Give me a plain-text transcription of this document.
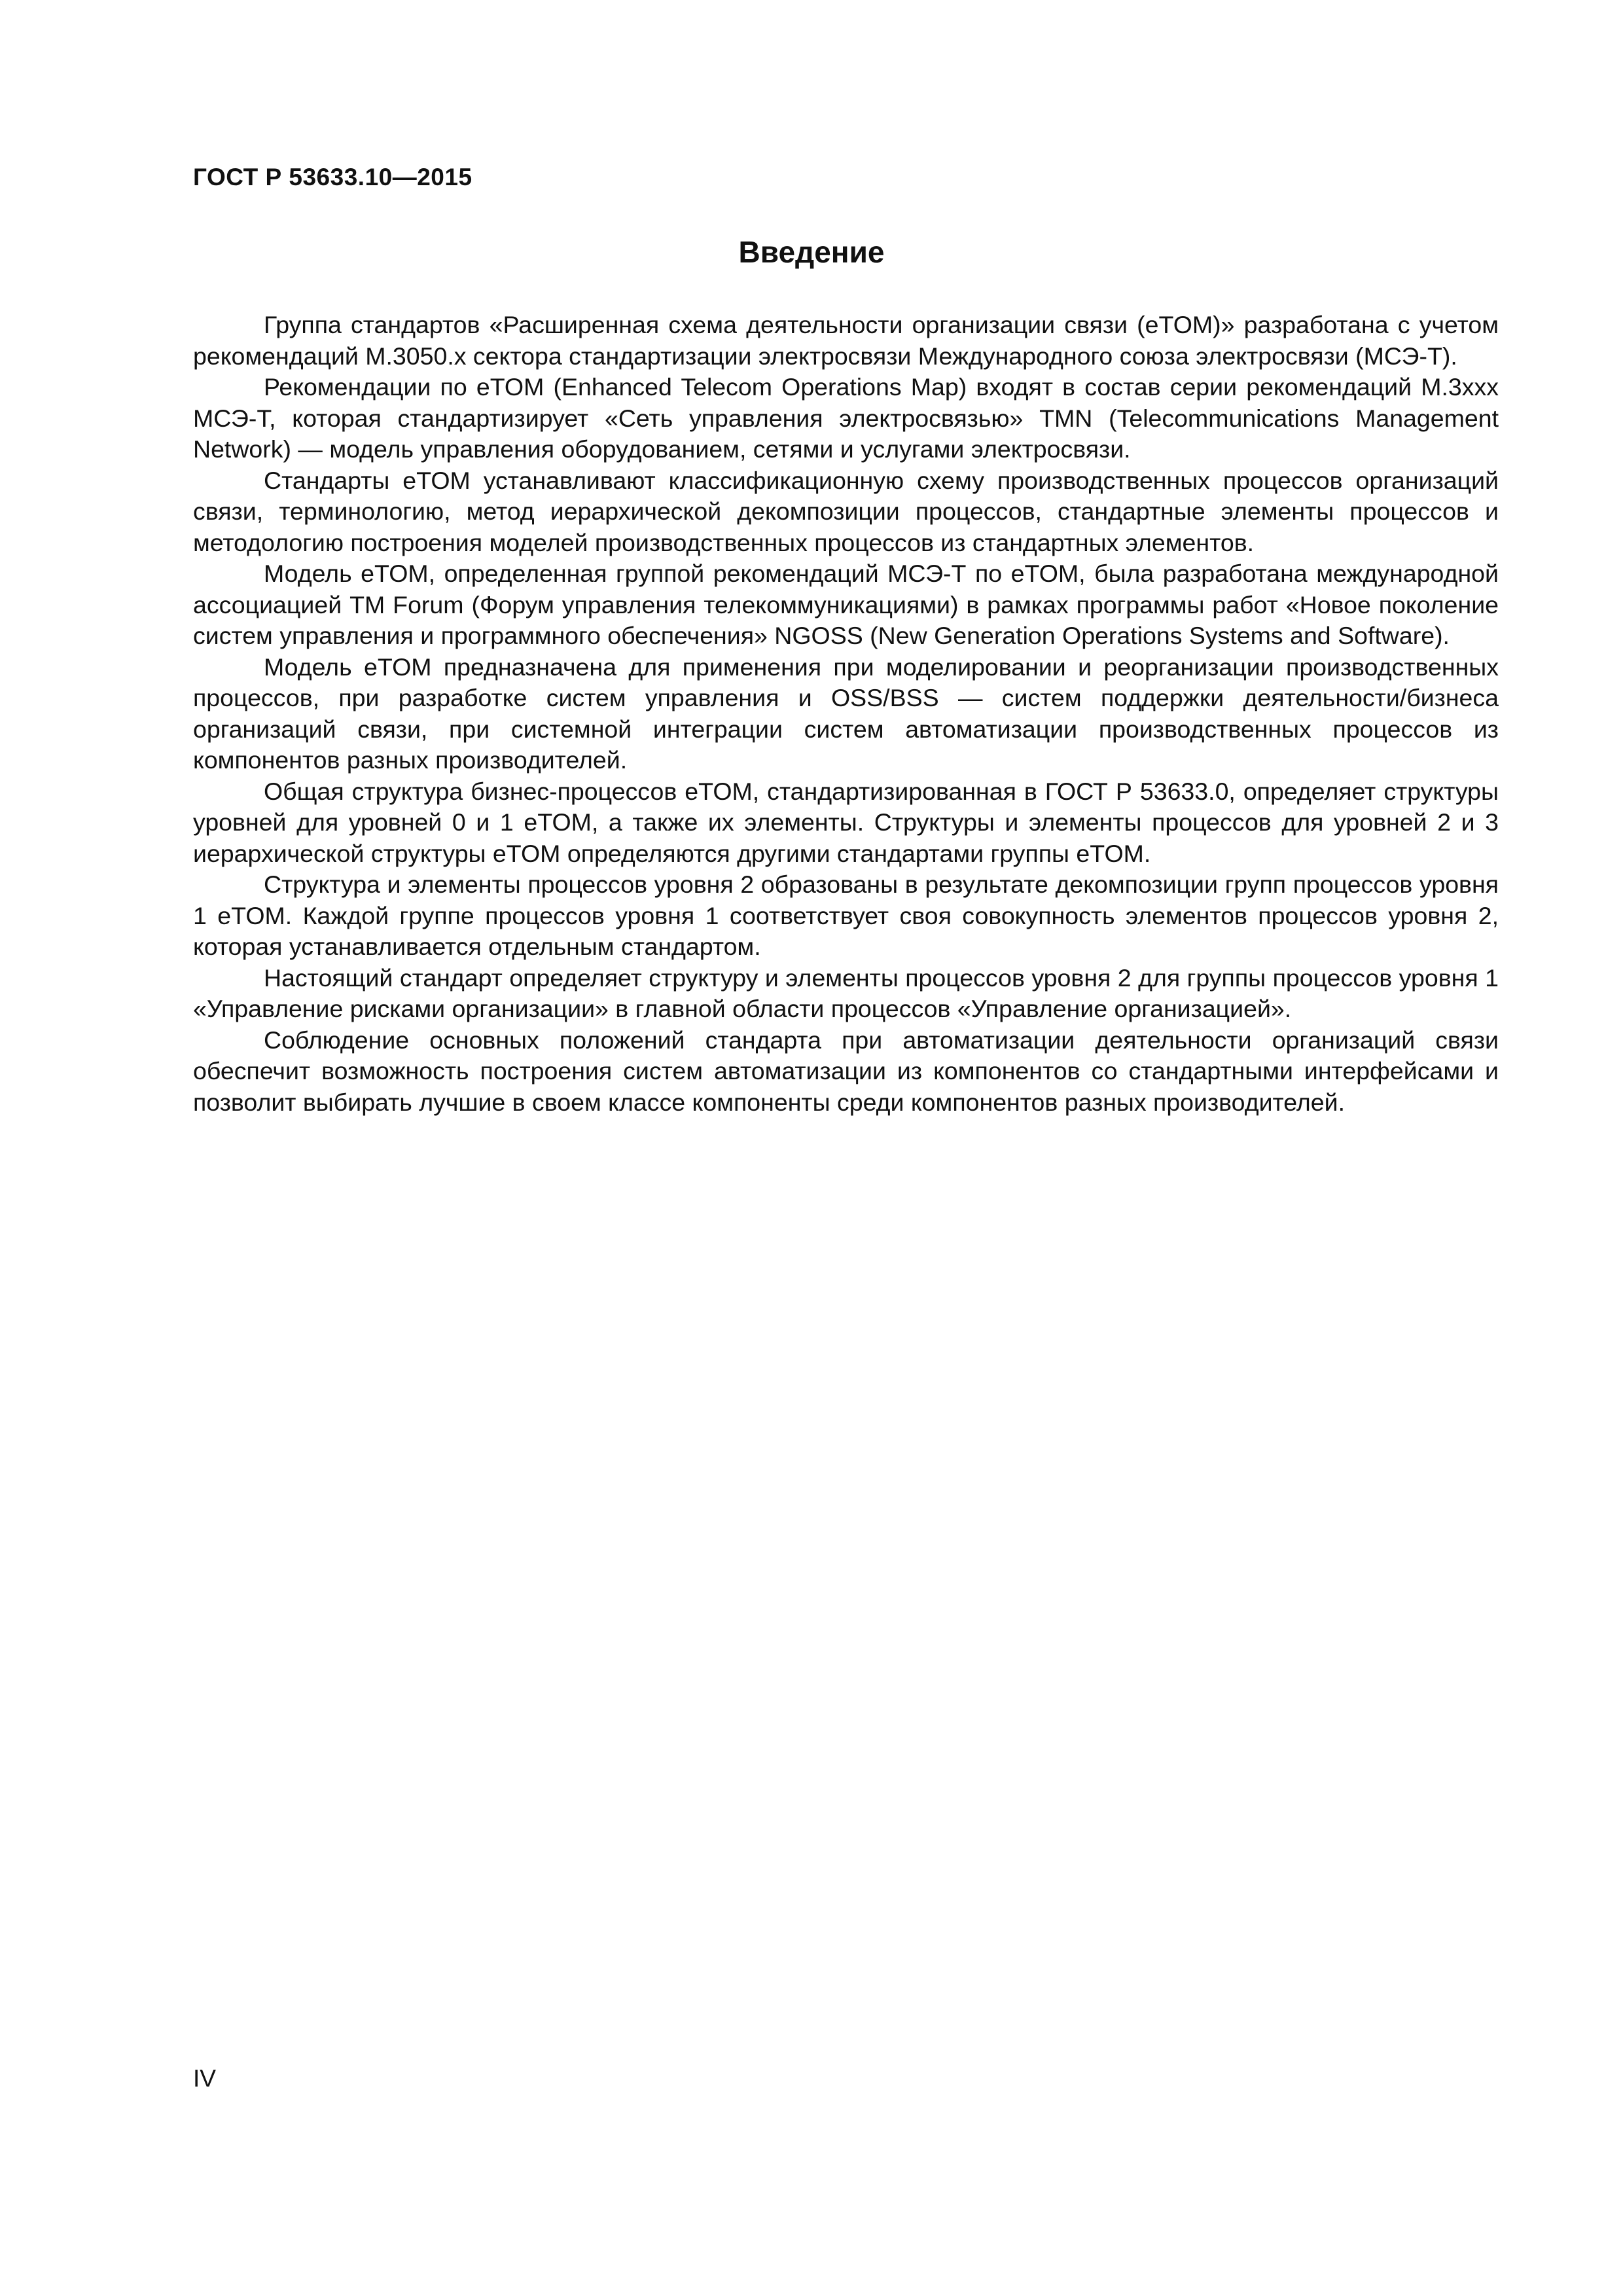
ГОСТ Р 53633.10—2015
Введение

Группа стандартов «Расширенная схема деятельности организации связи (eTOM)» разработана с учетом рекомендаций M.3050.x сектора стандартизации электросвязи Международного союза электросвязи (МСЭ-Т).

Рекомендации по eTOM (Enhanced Telecom Operations Map) входят в состав серии рекомендаций M.3xxx МСЭ-Т, которая стандартизирует «Сеть управления электросвязью» TMN (Telecommunications Management Network) — модель управления оборудованием, сетями и услугами электросвязи.

Стандарты eTOM устанавливают классификационную схему производственных процессов организаций связи, терминологию, метод иерархической декомпозиции процессов, стандартные элементы процессов и методологию построения моделей производственных процессов из стандартных элементов.

Модель eTOM, определенная группой рекомендаций МСЭ-Т по eTOM, была разработана международной ассоциацией TM Forum (Форум управления телекоммуникациями) в рамках программы работ «Новое поколение систем управления и программного обеспечения» NGOSS (New Generation Operations Systems and Software).

Модель eTOM предназначена для применения при моделировании и реорганизации производственных процессов, при разработке систем управления и OSS/BSS — систем поддержки деятельности/бизнеса организаций связи, при системной интеграции систем автоматизации производственных процессов из компонентов разных производителей.

Общая структура бизнес-процессов eTOM, стандартизированная в ГОСТ Р 53633.0, определяет структуры уровней для уровней 0 и 1 eTOM, а также их элементы. Структуры и элементы процессов для уровней 2 и 3 иерархической структуры eTOM определяются другими стандартами группы eTOM.

Структура и элементы процессов уровня 2 образованы в результате декомпозиции групп процессов уровня 1 eTOM. Каждой группе процессов уровня 1 соответствует своя совокупность элементов процессов уровня 2, которая устанавливается отдельным стандартом.

Настоящий стандарт определяет структуру и элементы процессов уровня 2 для группы процессов уровня 1 «Управление рисками организации» в главной области процессов «Управление организацией».

Соблюдение основных положений стандарта при автоматизации деятельности организаций связи обеспечит возможность построения систем автоматизации из компонентов со стандартными интерфейсами и позволит выбирать лучшие в своем классе компоненты среди компонентов разных производителей.

IV
